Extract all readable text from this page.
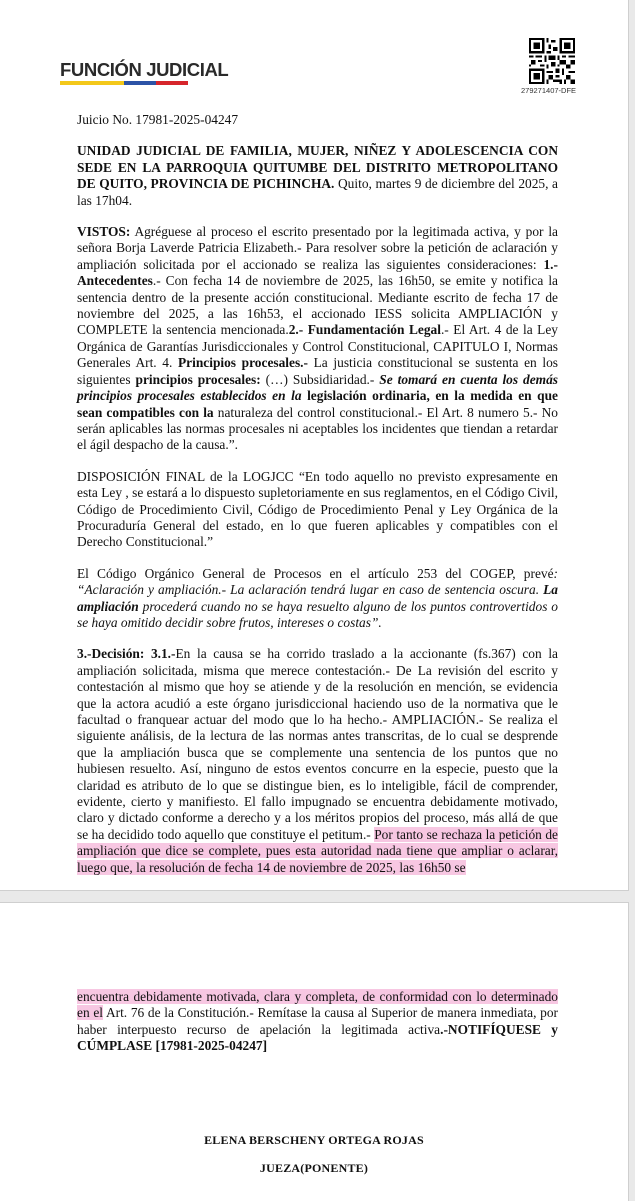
FUNCIÓN JUDICIAL
279271407-DFE

Juicio No. 17981-2025-04247

UNIDAD JUDICIAL DE FAMILIA, MUJER, NIÑEZ Y ADOLESCENCIA CON SEDE EN LA PARROQUIA QUITUMBE DEL DISTRITO METROPOLITANO DE QUITO, PROVINCIA DE PICHINCHA. Quito, martes 9 de diciembre del 2025, a las 17h04.

VISTOS: Agréguese al proceso el escrito presentado por la legitimada activa, y por la señora Borja Laverde Patricia Elizabeth.- Para resolver sobre la petición de aclaración y ampliación solicitada por el accionado se realiza las siguientes consideraciones: 1.- Antecedentes.- Con fecha 14 de noviembre de 2025, las 16h50, se emite y notifica la sentencia dentro de la presente acción constitucional. Mediante escrito de fecha 17 de noviembre del 2025, a las 16h53, el accionado IESS solicita AMPLIACIÓN y COMPLETE la sentencia mencionada.2.- Fundamentación Legal.- El Art. 4 de la Ley Orgánica de Garantías Jurisdiccionales y Control Constitucional, CAPITULO I, Normas Generales Art. 4. Principios procesales.- La justicia constitucional se sustenta en los siguientes principios procesales: (…) Subsidiaridad.- Se tomará en cuenta los demás principios procesales establecidos en la legislación ordinaria, en la medida en que sean compatibles con la naturaleza del control constitucional.- El Art. 8 numero 5.- No serán aplicables las normas procesales ni aceptables los incidentes que tiendan a retardar el ágil despacho de la causa.”.

DISPOSICIÓN FINAL de la LOGJCC “En todo aquello no previsto expresamente en esta Ley , se estará a lo dispuesto supletoriamente en sus reglamentos, en el Código Civil, Código de Procedimiento Civil, Código de Procedimiento Penal y Ley Orgánica de la Procuraduría General del estado, en lo que fueren aplicables y compatibles con el Derecho Constitucional.”

El Código Orgánico General de Procesos en el artículo 253 del COGEP, prevé: “Aclaración y ampliación.- La aclaración tendrá lugar en caso de sentencia oscura. La ampliación procederá cuando no se haya resuelto alguno de los puntos controvertidos o se haya omitido decidir sobre frutos, intereses o costas”.

3.-Decisión: 3.1.-En la causa se ha corrido traslado a la accionante (fs.367) con la ampliación solicitada, misma que merece contestación.- De La revisión del escrito y contestación al mismo que hoy se atiende y de la resolución en mención, se evidencia que la actora acudió a este órgano jurisdiccional haciendo uso de la normativa que le facultad o franquear actuar del modo que lo ha hecho.- AMPLIACIÓN.- Se realiza el siguiente análisis, de la lectura de las normas antes transcritas, de lo cual se desprende que la ampliación busca que se complemente una sentencia de los puntos que no hubiesen resuelto. Así, ninguno de estos eventos concurre en la especie, puesto que la claridad es atributo de lo que se distingue bien, es lo inteligible, fácil de comprender, evidente, cierto y manifiesto. El fallo impugnado se encuentra debidamente motivado, claro y dictado conforme a derecho y a los méritos propios del proceso, más allá de que se ha decidido todo aquello que constituye el petitum.- Por tanto se rechaza la petición de ampliación que dice se complete, pues esta autoridad nada tiene que ampliar o aclarar, luego que, la resolución de fecha 14 de noviembre de 2025, las 16h50 se

encuentra debidamente motivada, clara y completa, de conformidad con lo determinado en el Art. 76 de la Constitución.- Remítase la causa al Superior de manera inmediata, por haber interpuesto recurso de apelación la legitimada activa.-NOTIFÍQUESE y CÚMPLASE [17981-2025-04247]

ELENA BERSCHENY ORTEGA ROJAS
JUEZA(PONENTE)
